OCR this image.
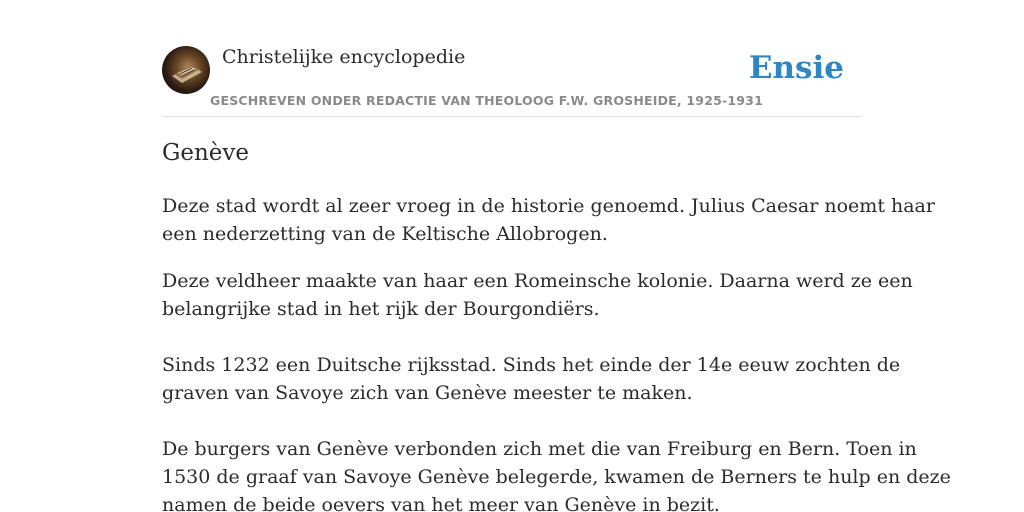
Christelijke encyclopedie
GESCHREVEN ONDER REDACTIE VAN THEOLOOG F.W. GROSHEIDE, 1925-1931
Ensie
Genève

Deze stad wordt al zeer vroeg in de historie genoemd. Julius Caesar noemt haar

een nederzetting van de Keltische Allobrogen.

Deze veldheer maakte van haar een Romeinsche kolonie. Daarna werd ze een

belangrijke stad in het rijk der Bourgondiërs.

Sinds 1232 een Duitsche rijksstad. Sinds het einde der 14e eeuw zochten de

graven van Savoye zich van Genève meester te maken.

De burgers van Genève verbonden zich met die van Freiburg en Bern. Toen in

1530 de graaf van Savoye Genève belegerde, kwamen de Berners te hulp en deze

namen de beide oevers van het meer van Genève in bezit.
